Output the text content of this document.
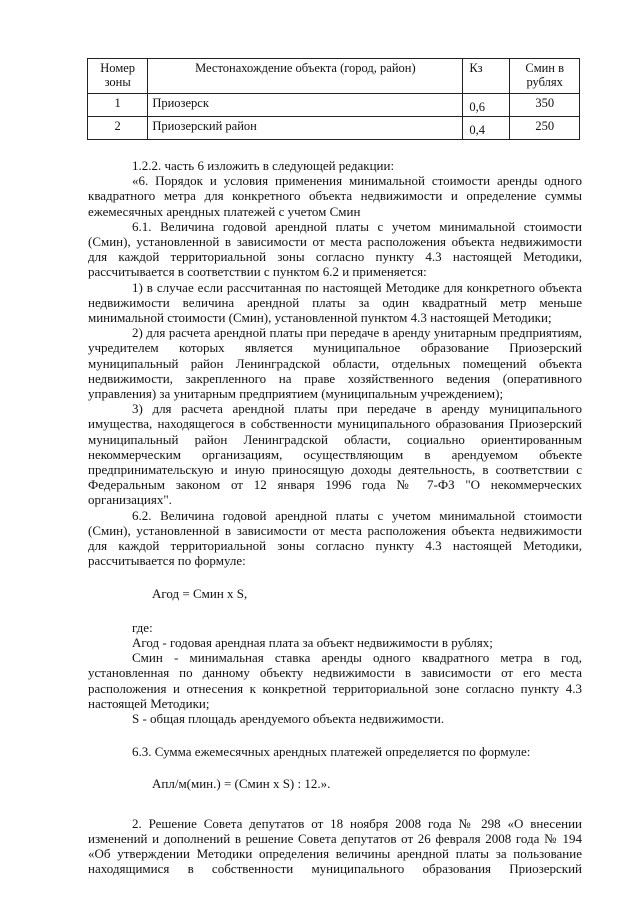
Номер зоны	Местонахождение объекта (город, район)	Кз	Смин в рублях
1	Приозерск	0,6	350
2	Приозерский район	0,4	250

1.2.2. часть 6 изложить в следующей редакции:

«6. Порядок и условия применения минимальной стоимости аренды одного квадратного метра для конкретного объекта недвижимости и определение суммы ежемесячных арендных платежей с учетом Смин

6.1. Величина годовой арендной платы с учетом минимальной стоимости (Смин), установленной в зависимости от места расположения объекта недвижимости для каждой территориальной зоны согласно пункту 4.3 настоящей Методики, рассчитывается в соответствии с пунктом 6.2 и применяется:

1) в случае если рассчитанная по настоящей Методике для конкретного объекта недвижимости величина арендной платы за один квадратный метр меньше минимальной стоимости (Смин), установленной пунктом 4.3 настоящей Методики;

2) для расчета арендной платы при передаче в аренду унитарным предприятиям, учредителем которых является муниципальное образование Приозерский муниципальный район Ленинградской области, отдельных помещений объекта недвижимости, закрепленного на праве хозяйственного ведения (оперативного управления) за унитарным предприятием (муниципальным учреждением);

3) для расчета арендной платы при передаче в аренду муниципального имущества, находящегося в собственности муниципального образования Приозерский муниципальный район Ленинградской области, социально ориентированным некоммерческим организациям, осуществляющим в арендуемом объекте предпринимательскую и иную приносящую доходы деятельность, в соответствии с Федеральным законом от 12 января 1996 года № 7-ФЗ "О некоммерческих организациях".

6.2. Величина годовой арендной платы с учетом минимальной стоимости (Смин), установленной в зависимости от места расположения объекта недвижимости для каждой территориальной зоны согласно пункту 4.3 настоящей Методики, рассчитывается по формуле:

Агод = Смин x S,

где:

Агод - годовая арендная плата за объект недвижимости в рублях;

Смин - минимальная ставка аренды одного квадратного метра в год, установленная по данному объекту недвижимости в зависимости от его места расположения и отнесения к конкретной территориальной зоне согласно пункту 4.3 настоящей Методики;

S - общая площадь арендуемого объекта недвижимости.

6.3. Сумма ежемесячных арендных платежей определяется по формуле:

Апл/м(мин.) = (Смин x S) : 12.».

2. Решение Совета депутатов от 18 ноября 2008 года № 298 «О внесении изменений и дополнений в решение Совета депутатов от 26 февраля 2008 года № 194 «Об утверждении Методики определения величины арендной платы за пользование находящимися в собственности муниципального образования Приозерский
